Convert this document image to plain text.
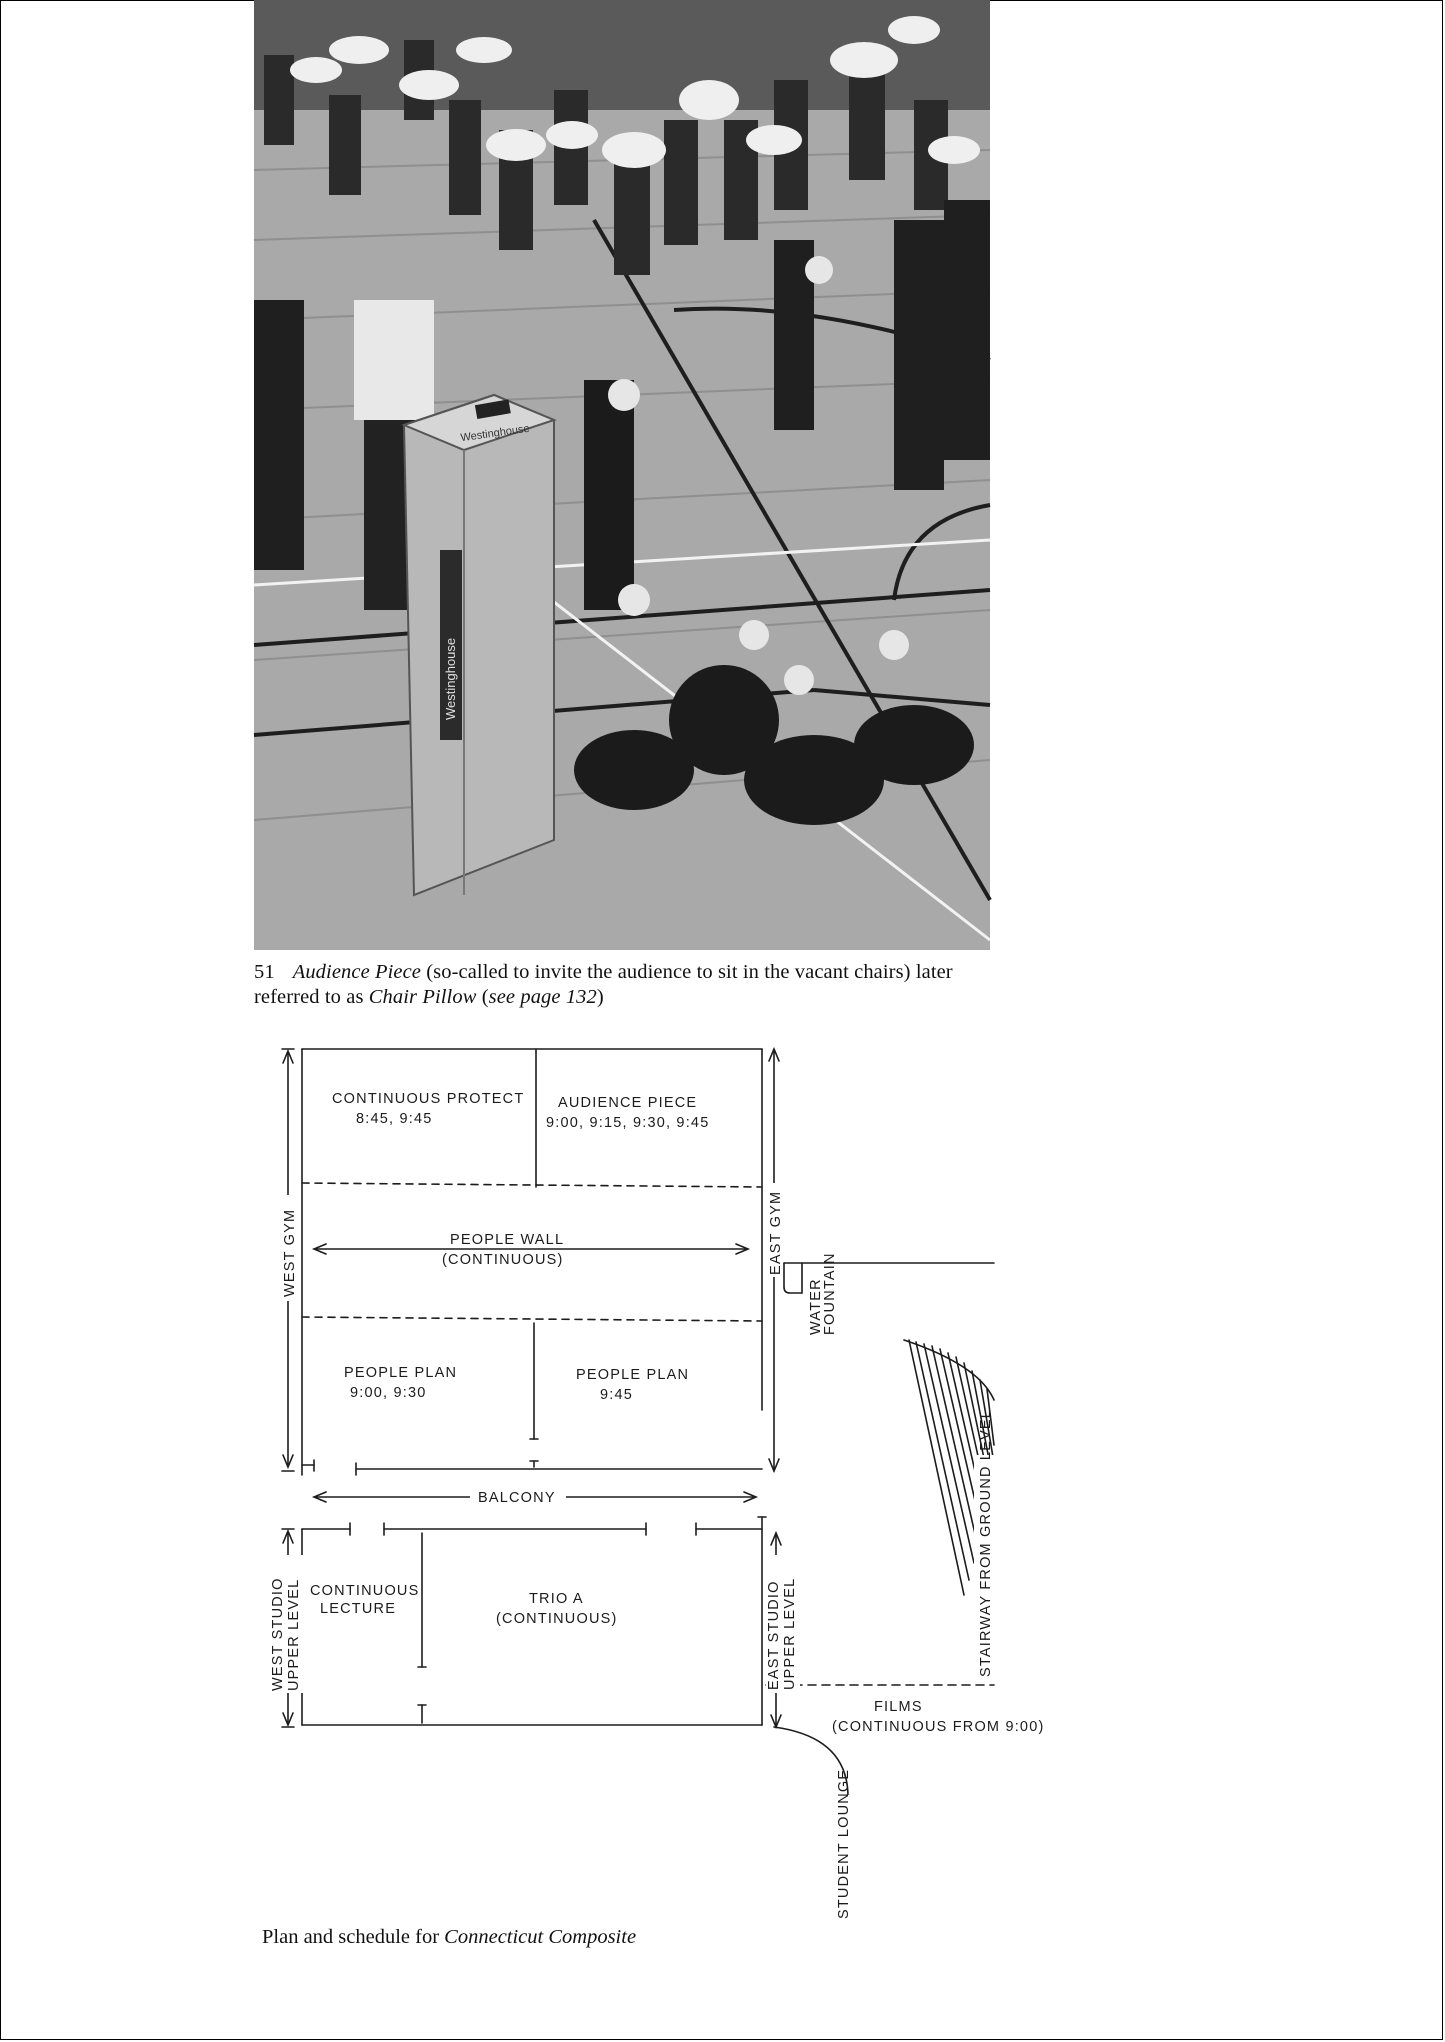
Westinghouse
Westinghouse
51 Audience Piece (so-called to invite the audience to sit in the vacant chairs) later referred to as Chair Pillow (see page 132)
CONTINUOUS PROTECT
8:45, 9:45
AUDIENCE PIECE
9:00, 9:15, 9:30, 9:45
PEOPLE WALL
(CONTINUOUS)
PEOPLE PLAN
9:00, 9:30
PEOPLE PLAN
9:45
BALCONY
CONTINUOUS
LECTURE
TRIO A
(CONTINUOUS)
FILMS
(CONTINUOUS FROM 9:00)
WEST GYM	EAST GYM
WEST STUDIO UPPER LEVEL	EAST STUDIO UPPER LEVEL
WATER
FOUNTAIN
STAIRWAY FROM GROUND LEVEL
STUDENT LOUNGE
Plan and schedule for Connecticut Composite
